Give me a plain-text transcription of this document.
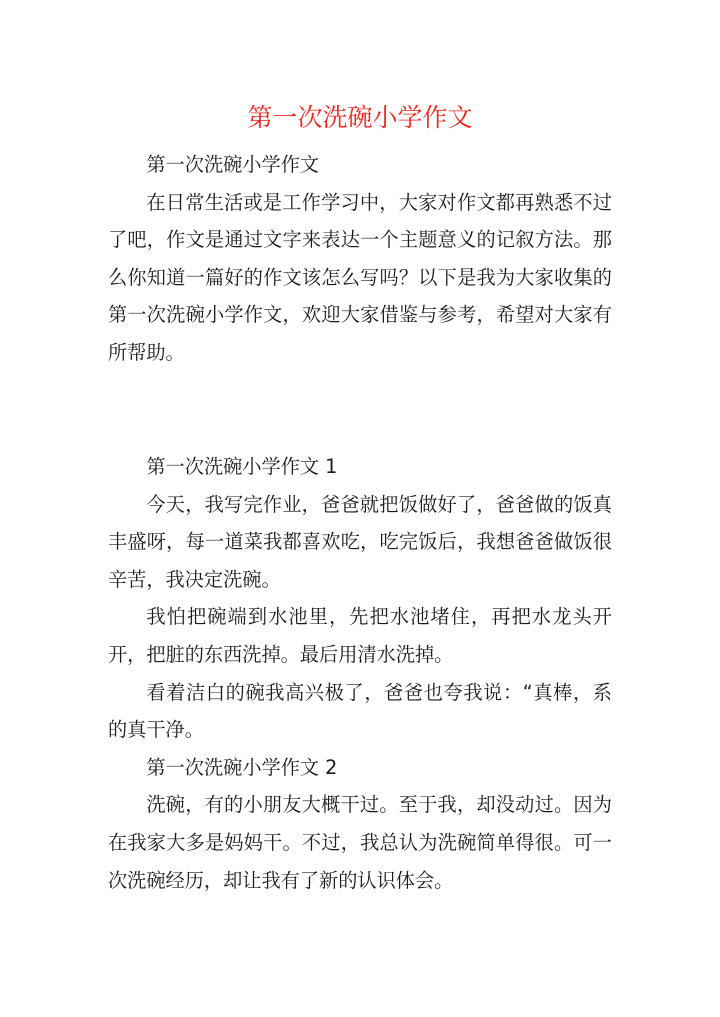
第一次洗碗小学作文

第一次洗碗小学作文

在日常生活或是工作学习中，大家对作文都再熟悉不过了吧，作文是通过文字来表达一个主题意义的记叙方法。那么你知道一篇好的作文该怎么写吗？以下是我为大家收集的第一次洗碗小学作文，欢迎大家借鉴与参考，希望对大家有所帮助。

第一次洗碗小学作文 1

今天，我写完作业，爸爸就把饭做好了，爸爸做的饭真丰盛呀，每一道菜我都喜欢吃，吃完饭后，我想爸爸做饭很辛苦，我决定洗碗。

我怕把碗端到水池里，先把水池堵住，再把水龙头开开，把脏的东西洗掉。最后用清水洗掉。

看着洁白的碗我高兴极了，爸爸也夸我说：“真棒，系的真干净。

第一次洗碗小学作文 2

洗碗，有的小朋友大概干过。至于我，却没动过。因为在我家大多是妈妈干。不过，我总认为洗碗简单得很。可一次洗碗经历，却让我有了新的认识体会。
